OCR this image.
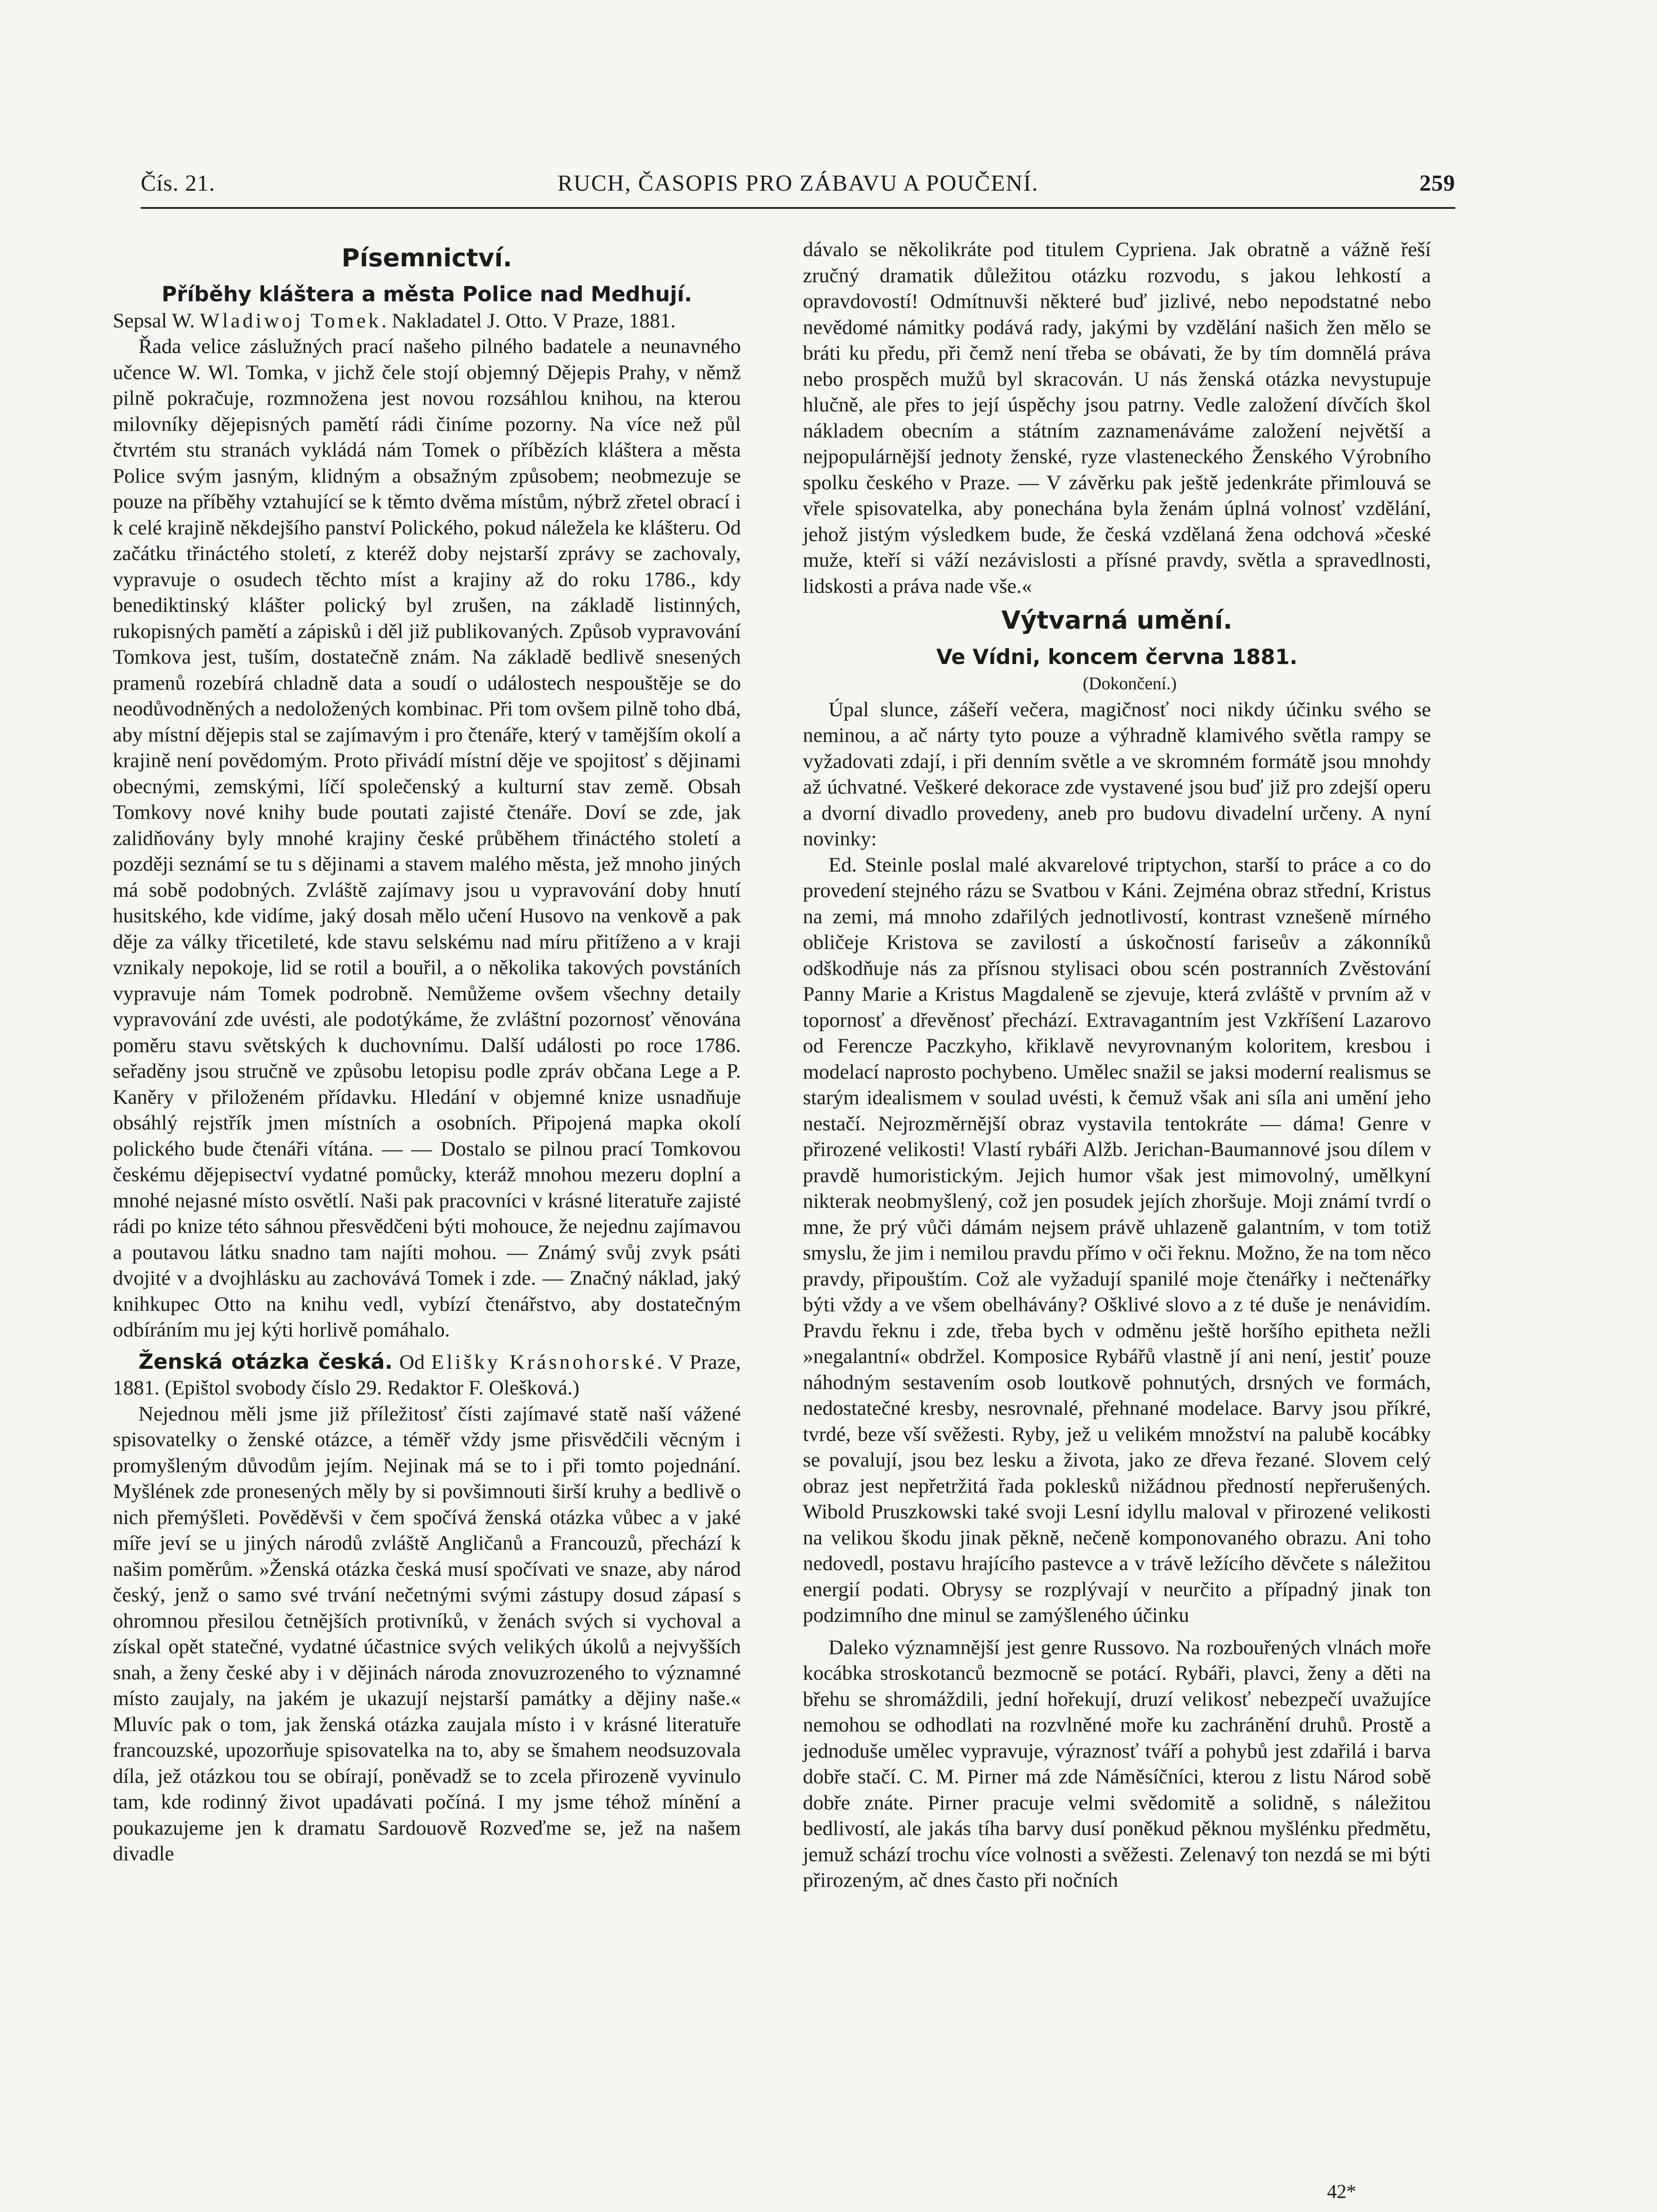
Čís. 21.	RUCH, ČASOPIS PRO ZÁBAVU A POUČENÍ.	259
Písemnictví.

Příběhy kláštera a města Police nad Medhují.
Sepsal W. Wladiwoj Tomek. Nakladatel J. Otto. V Praze, 1881.

Řada velice záslužných prací našeho pilného badatele a neunavného učence W. Wl. Tomka, v jichž čele stojí objemný Dějepis Prahy, v němž pilně pokračuje, rozmnožena jest novou rozsáhlou knihou, na kterou milovníky dějepisných pamětí rádi činíme pozorny. Na více než půl čtvrtém stu stranách vykládá nám Tomek o příbězích kláštera a města Police svým jasným, klidným a obsažným způsobem; neobmezuje se pouze na příběhy vztahující se k těmto dvěma místům, nýbrž zřetel obrací i k celé krajině někdejšího panství Polického, pokud náležela ke klášteru. Od začátku třináctého století, z kteréž doby nejstarší zprávy se zachovaly, vypravuje o osudech těchto míst a krajiny až do roku 1786., kdy benediktinský klášter polický byl zrušen, na základě listinných, rukopisných pamětí a zápisků i děl již publikovaných. Způsob vypravování Tomkova jest, tuším, dostatečně znám. Na základě bedlivě snesených pramenů rozebírá chladně data a soudí o událostech nespouštěje se do neodůvodněných a nedoložených kombinac. Při tom ovšem pilně toho dbá, aby místní dějepis stal se zajímavým i pro čtenáře, který v tamějším okolí a krajině není povědomým. Proto přivádí místní děje ve spojitosť s dějinami obecnými, zemskými, líčí společenský a kulturní stav země. Obsah Tomkovy nové knihy bude poutati zajisté čtenáře. Doví se zde, jak zalidňovány byly mnohé krajiny české průběhem třináctého století a později seznámí se tu s dějinami a stavem malého města, jež mnoho jiných má sobě podobných. Zvláště zajímavy jsou u vypravování doby hnutí husitského, kde vidíme, jaký dosah mělo učení Husovo na venkově a pak děje za války třicetileté, kde stavu selskému nad míru přitíženo a v kraji vznikaly nepokoje, lid se rotil a bouřil, a o několika takových povstáních vypravuje nám Tomek podrobně. Nemůžeme ovšem všechny detaily vypravování zde uvésti, ale podotýkáme, že zvláštní pozornosť věnována poměru stavu světských k duchovnímu. Další události po roce 1786. seřaděny jsou stručně ve způsobu letopisu podle zpráv občana Lege a P. Kaněry v přiloženém přídavku. Hledání v objemné knize usnadňuje obsáhlý rejstřík jmen místních a osobních. Připojená mapka okolí polického bude čtenáři vítána. — — Dostalo se pilnou prací Tomkovou českému dějepisectví vydatné pomůcky, kteráž mnohou mezeru doplní a mnohé nejasné místo osvětlí. Naši pak pracovníci v krásné literatuře zajisté rádi po knize této sáhnou přesvědčeni býti mohouce, že nejednu zajímavou a poutavou látku snadno tam najíti mohou. — Známý svůj zvyk psáti dvojité v a dvojhlásku au zachovává Tomek i zde. — Značný náklad, jaký knihkupec Otto na knihu vedl, vybízí čtenářstvo, aby dostatečným odbíráním mu jej kýti horlivě pomáhalo.

Ženská otázka česká. Od Elišky Krásnohorské. V Praze, 1881. (Epištol svobody číslo 29. Redaktor F. Olešková.)

Nejednou měli jsme již příležitosť čísti zajímavé statě naší vážené spisovatelky o ženské otázce, a téměř vždy jsme přisvědčili věcným i promyšleným důvodům jejím. Nejinak má se to i při tomto pojednání. Myšlének zde pronesených měly by si povšimnouti širší kruhy a bedlivě o nich přemýšleti. Pověděvši v čem spočívá ženská otázka vůbec a v jaké míře jeví se u jiných národů zvláště Angličanů a Francouzů, přechází k našim poměrům. »Ženská otázka česká musí spočívati ve snaze, aby národ český, jenž o samo své trvání nečetnými svými zástupy dosud zápasí s ohromnou přesilou četnějších protivníků, v ženách svých si vychoval a získal opět statečné, vydatné účastnice svých velikých úkolů a nejvyšších snah, a ženy české aby i v dějinách národa znovuzrozeného to významné místo zaujaly, na jakém je ukazují nejstarší památky a dějiny naše.« Mluvíc pak o tom, jak ženská otázka zaujala místo i v krásné literatuře francouzské, upozorňuje spisovatelka na to, aby se šmahem neodsuzovala díla, jež otázkou tou se obírají, poněvadž se to zcela přirozeně vyvinulo tam, kde rodinný život upadávati počíná. I my jsme téhož mínění a poukazujeme jen k dramatu Sardouově Rozveďme se, jež na našem divadle

dávalo se několikráte pod titulem Cypriena. Jak obratně a vážně řeší zručný dramatik důležitou otázku rozvodu, s jakou lehkostí a opravdovostí! Odmítnuvši některé buď jizlivé, nebo nepodstatné nebo nevědomé námitky podává rady, jakými by vzdělání našich žen mělo se bráti ku předu, při čemž není třeba se obávati, že by tím domnělá práva nebo prospěch mužů byl skracován. U nás ženská otázka nevystupuje hlučně, ale přes to její úspěchy jsou patrny. Vedle založení dívčích škol nákladem obecním a státním zaznamenáváme založení největší a nejpopulárnější jednoty ženské, ryze vlasteneckého Ženského Výrobního spolku českého v Praze. — V závěrku pak ještě jedenkráte přimlouvá se vřele spisovatelka, aby ponechána byla ženám úplná volnosť vzdělání, jehož jistým výsledkem bude, že česká vzdělaná žena odchová »české muže, kteří si váží nezávislosti a přísné pravdy, světla a spravedlnosti, lidskosti a práva nade vše.«

Výtvarná umění.
Ve Vídni, koncem června 1881.

(Dokončení.)

Úpal slunce, zášeří večera, magičnosť noci nikdy účinku svého se neminou, a ač nárty tyto pouze a výhradně klamivého světla rampy se vyžadovati zdají, i při denním světle a ve skromném formátě jsou mnohdy až úchvatné. Veškeré dekorace zde vystavené jsou buď již pro zdejší operu a dvorní divadlo provedeny, aneb pro budovu divadelní určeny. A nyní novinky:

Ed. Steinle poslal malé akvarelové triptychon, starší to práce a co do provedení stejného rázu se Svatbou v Káni. Zejména obraz střední, Kristus na zemi, má mnoho zdařilých jednotlivostí, kontrast vznešeně mírného obličeje Kristova se zavilostí a úskočností fariseův a zákonníků odškodňuje nás za přísnou stylisaci obou scén postranních Zvěstování Panny Marie a Kristus Magdaleně se zjevuje, která zvláště v prvním až v topornosť a dřevěnosť přechází. Extravagantním jest Vzkříšení Lazarovo od Ferencze Paczkyho, křiklavě nevyrovnaným koloritem, kresbou i modelací naprosto pochybeno. Umělec snažil se jaksi moderní realismus se starým idealismem v soulad uvésti, k čemuž však ani síla ani umění jeho nestačí. Nejrozměrnější obraz vystavila tentokráte — dáma! Genre v přirozené velikosti! Vlastí rybáři Alžb. Jerichan-Baumannové jsou dílem v pravdě humoristickým. Jejich humor však jest mimovolný, umělkyní nikterak neobmyšlený, což jen posudek jejích zhoršuje. Moji známí tvrdí o mne, že prý vůči dámám nejsem právě uhlazeně galantním, v tom totiž smyslu, že jim i nemilou pravdu přímo v oči řeknu. Možno, že na tom něco pravdy, připouštím. Což ale vyžadují spanilé moje čtenářky i nečtenářky býti vždy a ve všem obelhávány? Ošklivé slovo a z té duše je nenávidím. Pravdu řeknu i zde, třeba bych v odměnu ještě horšího epitheta nežli »negalantní« obdržel. Komposice Rybářů vlastně jí ani není, jestiť pouze náhodným sestavením osob loutkově pohnutých, drsných ve formách, nedostatečné kresby, nesrovnalé, přehnané modelace. Barvy jsou příkré, tvrdé, beze vší svěžesti. Ryby, jež u velikém množství na palubě kocábky se povalují, jsou bez lesku a života, jako ze dřeva řezané. Slovem celý obraz jest nepřetržitá řada poklesků nižádnou předností nepřerušených. Wibold Pruszkowski také svoji Lesní idyllu maloval v přirozené velikosti na velikou škodu jinak pěkně, nečeně komponovaného obrazu. Ani toho nedovedl, postavu hrajícího pastevce a v trávě ležícího děvčete s náležitou energií podati. Obrysy se rozplývají v neurčito a případný jinak ton podzimního dne minul se zamýšleného účinku

Daleko významnější jest genre Russovo. Na rozbouřených vlnách moře kocábka stroskotanců bezmocně se potácí. Rybáři, plavci, ženy a děti na břehu se shromáždili, jední hořekují, druzí velikosť nebezpečí uvažujíce nemohou se odhodlati na rozvlněné moře ku zachránění druhů. Prostě a jednoduše umělec vypravuje, výraznosť tváří a pohybů jest zdařilá i barva dobře stačí. C. M. Pirner má zde Náměsíčníci, kterou z listu Národ sobě dobře znáte. Pirner pracuje velmi svědomitě a solidně, s náležitou bedlivostí, ale jakás tíha barvy dusí poněkud pěknou myšlénku předmětu, jemuž schází trochu více volnosti a svěžesti. Zelenavý ton nezdá se mi býti přirozeným, ač dnes často při nočních

42*
